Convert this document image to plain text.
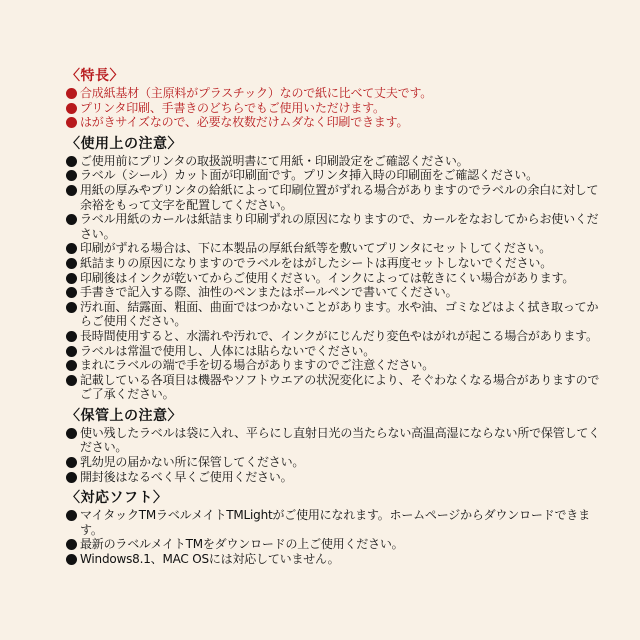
〈特長〉
合成紙基材（主原料がプラスチック）なので紙に比べて丈夫です。
プリンタ印刷、手書きのどちらでもご使用いただけます。
はがきサイズなので、必要な枚数だけムダなく印刷できます。
〈使用上の注意〉
ご使用前にプリンタの取扱説明書にて用紙・印刷設定をご確認ください。
ラベル（シール）カット面が印刷面です。プリンタ挿入時の印刷面をご確認ください。
用紙の厚みやプリンタの給紙によって印刷位置がずれる場合がありますのでラベルの余白に対して余裕をもって文字を配置してください。
ラベル用紙のカールは紙詰まり印刷ずれの原因になりますので、カールをなおしてからお使いください。
印刷がずれる場合は、下に本製品の厚紙台紙等を敷いてプリンタにセットしてください。
紙詰まりの原因になりますのでラベルをはがしたシートは再度セットしないでください。
印刷後はインクが乾いてからご使用ください。インクによっては乾きにくい場合があります。
手書きで記入する際、油性のペンまたはボールペンで書いてください。
汚れ面、結露面、粗面、曲面ではつかないことがあります。水や油、ゴミなどはよく拭き取ってからご使用ください。
長時間使用すると、水濡れや汚れで、インクがにじんだり変色やはがれが起こる場合があります。
ラベルは常温で使用し、人体には貼らないでください。
まれにラベルの端で手を切る場合がありますのでご注意ください。
記載している各項目は機器やソフトウエアの状況変化により、そぐわなくなる場合がありますのでご了承ください。
〈保管上の注意〉
使い残したラベルは袋に入れ、平らにし直射日光の当たらない高温高湿にならない所で保管してください。
乳幼児の届かない所に保管してください。
開封後はなるべく早くご使用ください。
〈対応ソフト〉
マイタックTMラベルメイトTMLightがご使用になれます。ホームページからダウンロードできます。
最新のラベルメイトTMをダウンロードの上ご使用ください。
Windows8.1、MAC OSには対応していません。
